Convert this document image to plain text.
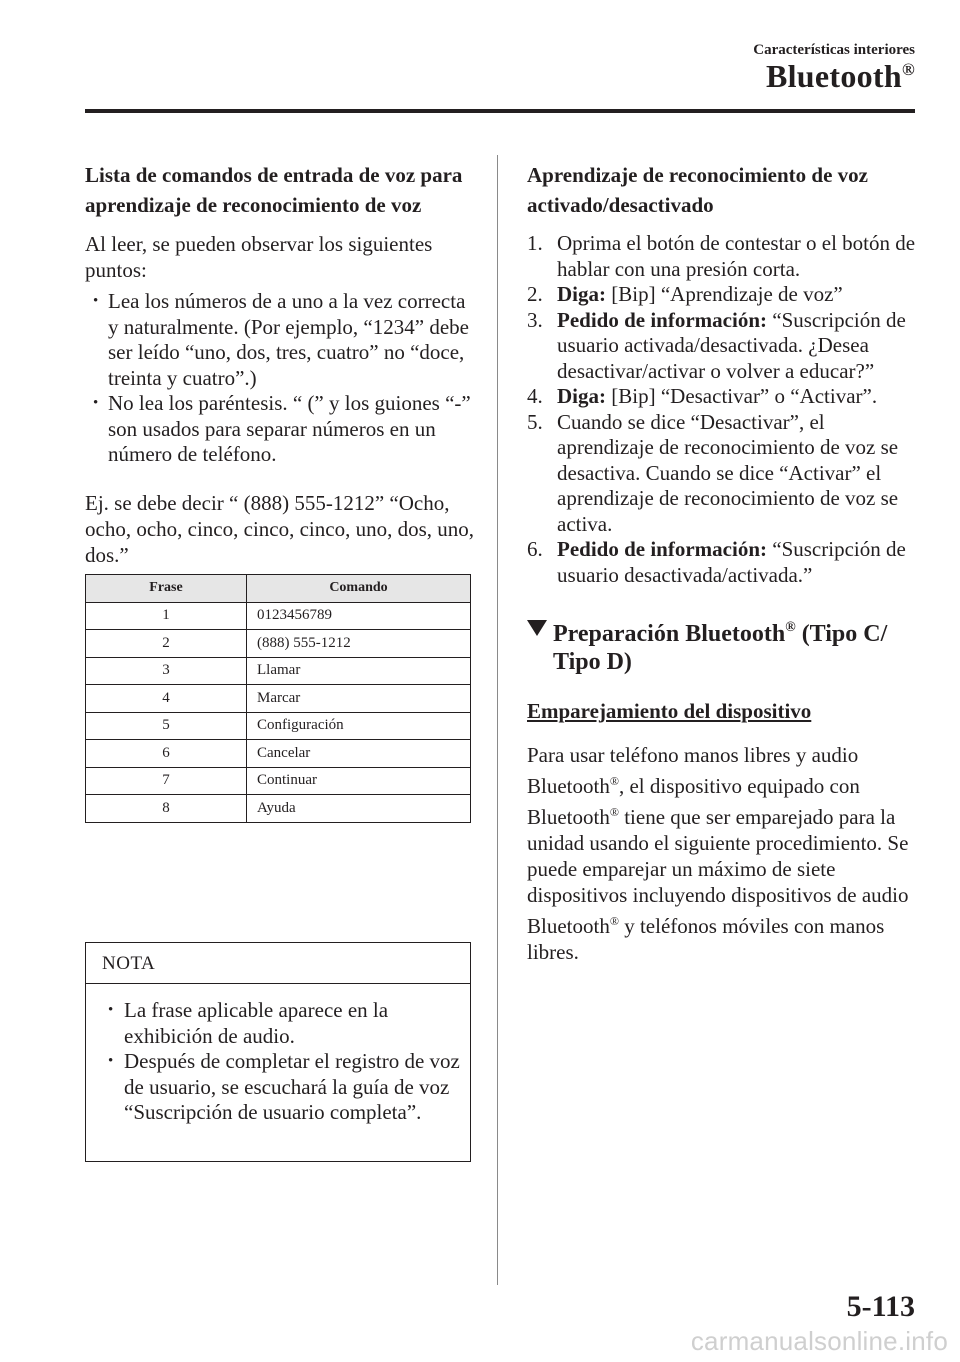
Características interiores
Bluetooth®

Lista de comandos de entrada de voz para aprendizaje de reconocimiento de voz

Al leer, se pueden observar los siguientes puntos:

• Lea los números de a uno a la vez correcta y naturalmente. (Por ejemplo, “1234” debe ser leído “uno, dos, tres, cuatro” no “doce, treinta y cuatro”.)
• No lea los paréntesis. “ (” y los guiones “-” son usados para separar números en un número de teléfono.

Ej. se debe decir “ (888) 555-1212” “Ocho, ocho, ocho, cinco, cinco, cinco, uno, dos, uno, dos.”

Frase	Comando
1	0123456789
2	(888) 555-1212
3	Llamar
4	Marcar
5	Configuración
6	Cancelar
7	Continuar
8	Ayuda
NOTA
• La frase aplicable aparece en la exhibición de audio.
• Después de completar el registro de voz de usuario, se escuchará la guía de voz “Suscripción de usuario completa”.

Aprendizaje de reconocimiento de voz activado/desactivado

1. Oprima el botón de contestar o el botón de hablar con una presión corta.
2. Diga: [Bip] “Aprendizaje de voz”
3. Pedido de información: “Suscripción de usuario activada/desactivada. ¿Desea desactivar/activar o volver a educar?”
4. Diga: [Bip] “Desactivar” o “Activar”.
5. Cuando se dice “Desactivar”, el aprendizaje de reconocimiento de voz se desactiva. Cuando se dice “Activar” el aprendizaje de reconocimiento de voz se activa.
6. Pedido de información: “Suscripción de usuario desactivada/activada.”
Preparación Bluetooth® (Tipo C/ Tipo D)
Emparejamiento del dispositivo

Para usar teléfono manos libres y audio Bluetooth®, el dispositivo equipado con Bluetooth® tiene que ser emparejado para la unidad usando el siguiente procedimiento. Se puede emparejar un máximo de siete dispositivos incluyendo dispositivos de audio Bluetooth® y teléfonos móviles con manos libres.

5-113
carmanualsonline.info
